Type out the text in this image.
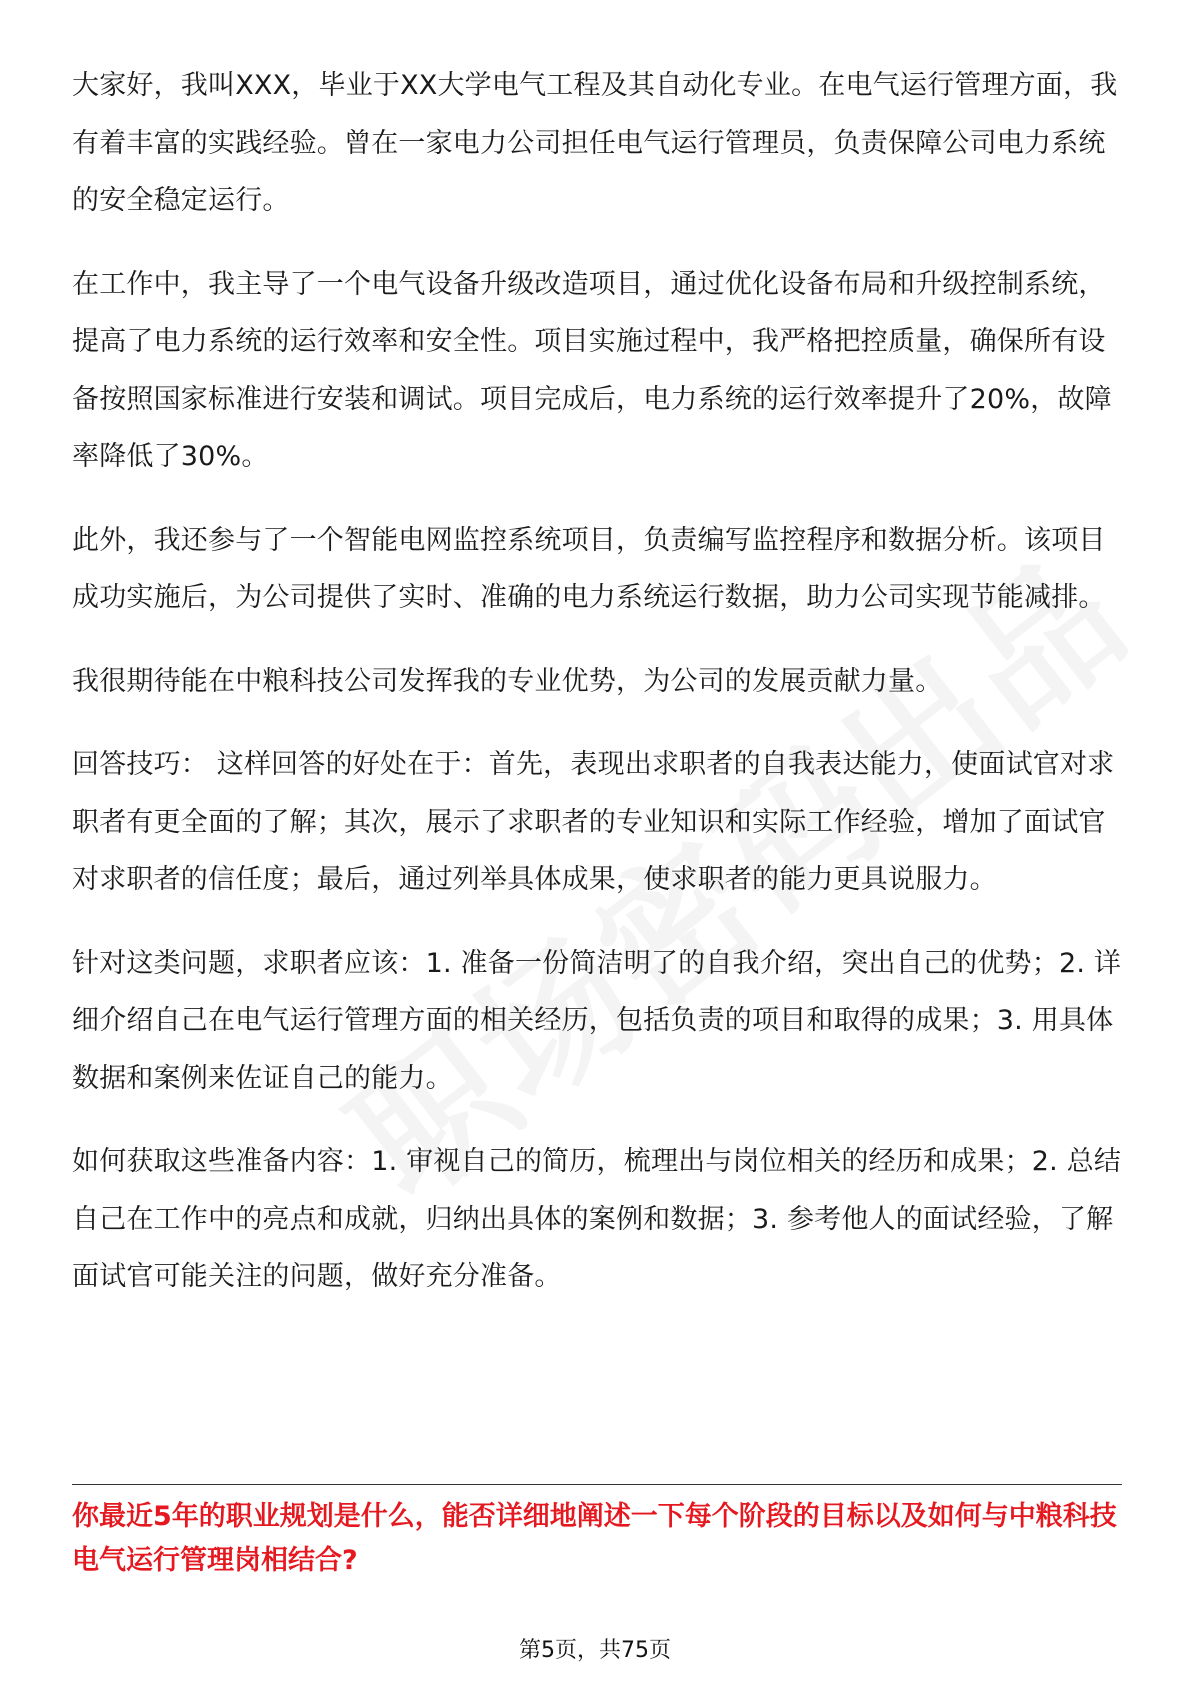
大家好，我叫XXX，毕业于XX大学电气工程及其自动化专业。在电气运行管理方面，我有着丰富的实践经验。曾在一家电力公司担任电气运行管理员，负责保障公司电力系统的安全稳定运行。

在工作中，我主导了一个电气设备升级改造项目，通过优化设备布局和升级控制系统，提高了电力系统的运行效率和安全性。项目实施过程中，我严格把控质量，确保所有设备按照国家标准进行安装和调试。项目完成后，电力系统的运行效率提升了20%，故障率降低了30%。

此外，我还参与了一个智能电网监控系统项目，负责编写监控程序和数据分析。该项目成功实施后，为公司提供了实时、准确的电力系统运行数据，助力公司实现节能减排。

我很期待能在中粮科技公司发挥我的专业优势，为公司的发展贡献力量。

回答技巧： 这样回答的好处在于：首先，表现出求职者的自我表达能力，使面试官对求职者有更全面的了解；其次，展示了求职者的专业知识和实际工作经验，增加了面试官对求职者的信任度；最后，通过列举具体成果，使求职者的能力更具说服力。

针对这类问题，求职者应该：1. 准备一份简洁明了的自我介绍，突出自己的优势；2. 详细介绍自己在电气运行管理方面的相关经历，包括负责的项目和取得的成果；3. 用具体数据和案例来佐证自己的能力。

如何获取这些准备内容：1. 审视自己的简历，梳理出与岗位相关的经历和成果；2. 总结自己在工作中的亮点和成就，归纳出具体的案例和数据；3. 参考他人的面试经验，了解面试官可能关注的问题，做好充分准备。

你最近5年的职业规划是什么，能否详细地阐述一下每个阶段的目标以及如何与中粮科技电气运行管理岗相结合?

第5页，共75页
